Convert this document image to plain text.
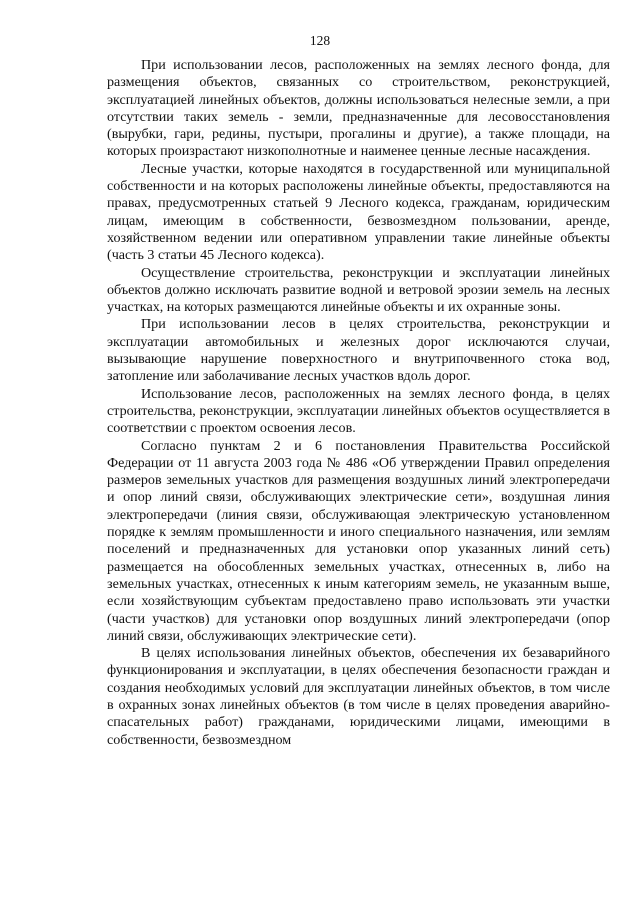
128

При использовании лесов, расположенных на землях лесного фонда, для размещения объектов, связанных со строительством, реконструкцией, эксплуатацией линейных объектов, должны использоваться нелесные земли, а при отсутствии таких земель - земли, предназначенные для лесовосстановления (вырубки, гари, редины, пустыри, прогалины и другие), а также площади, на которых произрастают низкополнотные и наименее ценные лесные насаждения.

Лесные участки, которые находятся в государственной или муниципальной собственности и на которых расположены линейные объекты, предоставляются на правах, предусмотренных статьей 9 Лесного кодекса, гражданам, юридическим лицам, имеющим в собственности, безвозмездном пользовании, аренде, хозяйственном ведении или оперативном управлении такие линейные объекты (часть 3 статьи 45 Лесного кодекса).

Осуществление строительства, реконструкции и эксплуатации линейных объектов должно исключать развитие водной и ветровой эрозии земель на лесных участках, на которых размещаются линейные объекты и их охранные зоны.

При использовании лесов в целях строительства, реконструкции и эксплуатации автомобильных и железных дорог исключаются случаи, вызывающие нарушение поверхностного и внутрипочвенного стока вод, затопление или заболачивание лесных участков вдоль дорог.

Использование лесов, расположенных на землях лесного фонда, в целях строительства, реконструкции, эксплуатации линейных объектов осуществляется в соответствии с проектом освоения лесов.

Согласно пунктам 2 и 6 постановления Правительства Российской Федерации от 11 августа 2003 года № 486 «Об утверждении Правил определения размеров земельных участков для размещения воздушных линий электропередачи и опор линий связи, обслуживающих электрические сети», воздушная линия электропередачи (линия связи, обслуживающая электрическую установленном порядке к землям промышленности и иного специального назначения, или землям поселений и предназначенных для установки опор указанных линий сеть) размещается на обособленных земельных участках, отнесенных в, либо на земельных участках, отнесенных к иным категориям земель, не указанным выше, если хозяйствующим субъектам предоставлено право использовать эти участки (части участков) для установки опор воздушных линий электропередачи (опор линий связи, обслуживающих электрические сети).

В целях использования линейных объектов, обеспечения их безаварийного функционирования и эксплуатации, в целях обеспечения безопасности граждан и создания необходимых условий для эксплуатации линейных объектов, в том числе в охранных зонах линейных объектов (в том числе в целях проведения аварийно-спасательных работ) гражданами, юридическими лицами, имеющими в собственности, безвозмездном
